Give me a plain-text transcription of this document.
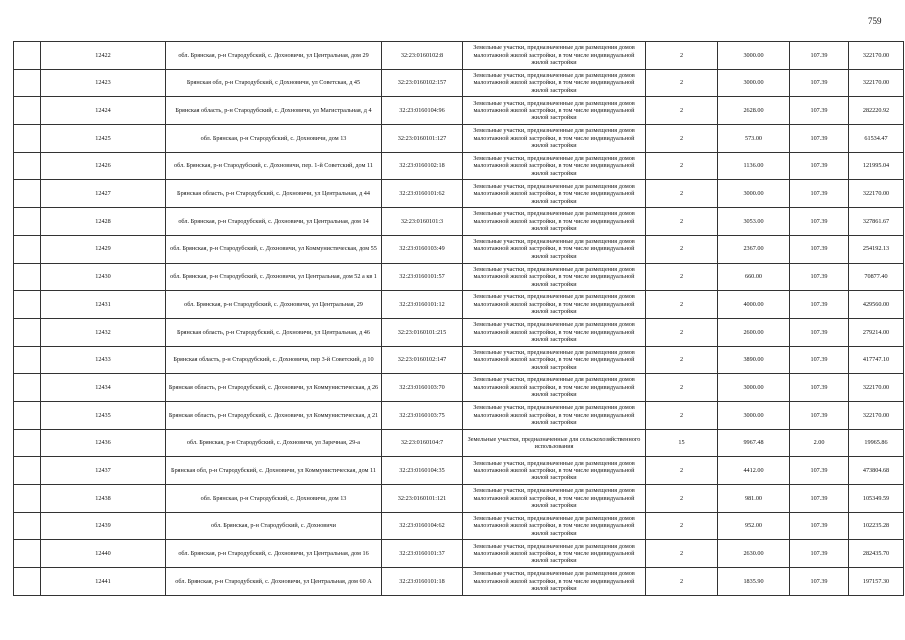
759
	12422	обл. Брянская, р-н Стародубский, с. Дохновичи, ул Центральная, дом 29	32:23:0160102:8	Земельные участки, предназначенные для размещения домов малоэтажной жилой застройки, в том числе индивидуальной жилой застройки	2	3000.00	107.39	322170.00
	12423	Брянская обл, р-н Стародубский, с Дохновичи, ул Советская, д 45	32:23:0160102:157	Земельные участки, предназначенные для размещения домов малоэтажной жилой застройки, в том числе индивидуальной жилой застройки	2	3000.00	107.39	322170.00
	12424	Брянская область, р-н Стародубский, с. Дохновичи, ул Магистральная, д 4	32:23:0160104:96	Земельные участки, предназначенные для размещения домов малоэтажной жилой застройки, в том числе индивидуальной жилой застройки	2	2628.00	107.39	282220.92
	12425	обл. Брянская, р-н Стародубский, с. Дохновичи, дом 13	32:23:0160101:127	Земельные участки, предназначенные для размещения домов малоэтажной жилой застройки, в том числе индивидуальной жилой застройки	2	573.00	107.39	61534.47
	12426	обл. Брянская, р-н Стародубский, с. Дохновичи, пер. 1-й Советский, дом 11	32:23:0160102:18	Земельные участки, предназначенные для размещения домов малоэтажной жилой застройки, в том числе индивидуальной жилой застройки	2	1136.00	107.39	121995.04
	12427	Брянская область, р-н Стародубский, с. Дохновичи, ул Центральная, д 44	32:23:0160101:62	Земельные участки, предназначенные для размещения домов малоэтажной жилой застройки, в том числе индивидуальной жилой застройки	2	3000.00	107.39	322170.00
	12428	обл. Брянская, р-н Стародубский, с. Дохновичи, ул Центральная, дом 14	32:23:0160101:3	Земельные участки, предназначенные для размещения домов малоэтажной жилой застройки, в том числе индивидуальной жилой застройки	2	3053.00	107.39	327861.67
	12429	обл. Брянская, р-н Стародубский, с. Дохновичи, ул Коммунистическая, дом 55	32:23:0160103:49	Земельные участки, предназначенные для размещения домов малоэтажной жилой застройки, в том числе индивидуальной жилой застройки	2	2367.00	107.39	254192.13
	12430	обл. Брянская, р-н Стародубский, с. Дохновичи, ул Центральная, дом 52 а кв 1	32:23:0160101:57	Земельные участки, предназначенные для размещения домов малоэтажной жилой застройки, в том числе индивидуальной жилой застройки	2	660.00	107.39	70877.40
	12431	обл. Брянская, р-н Стародубский, с. Дохновичи, ул Центральная, 29	32:23:0160101:12	Земельные участки, предназначенные для размещения домов малоэтажной жилой застройки, в том числе индивидуальной жилой застройки	2	4000.00	107.39	429560.00
	12432	Брянская область, р-н Стародубский, с. Дохновичи, ул Центральная, д 46	32:23:0160101:215	Земельные участки, предназначенные для размещения домов малоэтажной жилой застройки, в том числе индивидуальной жилой застройки	2	2600.00	107.39	279214.00
	12433	Брянская область, р-н Стародубский, с. Дохновичи, пер 3-й Советский, д 10	32:23:0160102:147	Земельные участки, предназначенные для размещения домов малоэтажной жилой застройки, в том числе индивидуальной жилой застройки	2	3890.00	107.39	417747.10
	12434	Брянская область, р-н Стародубский, с. Дохновичи, ул Коммунистическая, д 26	32:23:0160103:70	Земельные участки, предназначенные для размещения домов малоэтажной жилой застройки, в том числе индивидуальной жилой застройки	2	3000.00	107.39	322170.00
	12435	Брянская область, р-н Стародубский, с. Дохновичи, ул Коммунистическая, д 21	32:23:0160103:75	Земельные участки, предназначенные для размещения домов малоэтажной жилой застройки, в том числе индивидуальной жилой застройки	2	3000.00	107.39	322170.00
	12436	обл. Брянская, р-н Стародубский, с. Дохновичи, ул Заречная, 29-а	32:23:0160104:7	Земельные участки, предназначенные для сельскохозяйственного использования	15	9967.48	2.00	19965.86
	12437	Брянская обл, р-н Стародубский, с. Дохновичи, ул Коммунистическая, дом 11	32:23:0160104:35	Земельные участки, предназначенные для размещения домов малоэтажной жилой застройки, в том числе индивидуальной жилой застройки	2	4412.00	107.39	473804.68
	12438	обл. Брянская, р-н Стародубский, с. Дохновичи, дом 13	32:23:0160101:121	Земельные участки, предназначенные для размещения домов малоэтажной жилой застройки, в том числе индивидуальной жилой застройки	2	981.00	107.39	105349.59
	12439	обл. Брянская, р-н Стародубский, с. Дохновичи	32:23:0160104:62	Земельные участки, предназначенные для размещения домов малоэтажной жилой застройки, в том числе индивидуальной жилой застройки	2	952.00	107.39	102235.28
	12440	обл. Брянская, р-н Стародубский, с. Дохновичи, ул Центральная, дом 16	32:23:0160101:37	Земельные участки, предназначенные для размещения домов малоэтажной жилой застройки, в том числе индивидуальной жилой застройки	2	2630.00	107.39	282435.70
	12441	обл. Брянская, р-н Стародубский, с. Дохновичи, ул Центральная, дом 60 А	32:23:0160101:18	Земельные участки, предназначенные для размещения домов малоэтажной жилой застройки, в том числе индивидуальной жилой застройки	2	1835.90	107.39	197157.30
